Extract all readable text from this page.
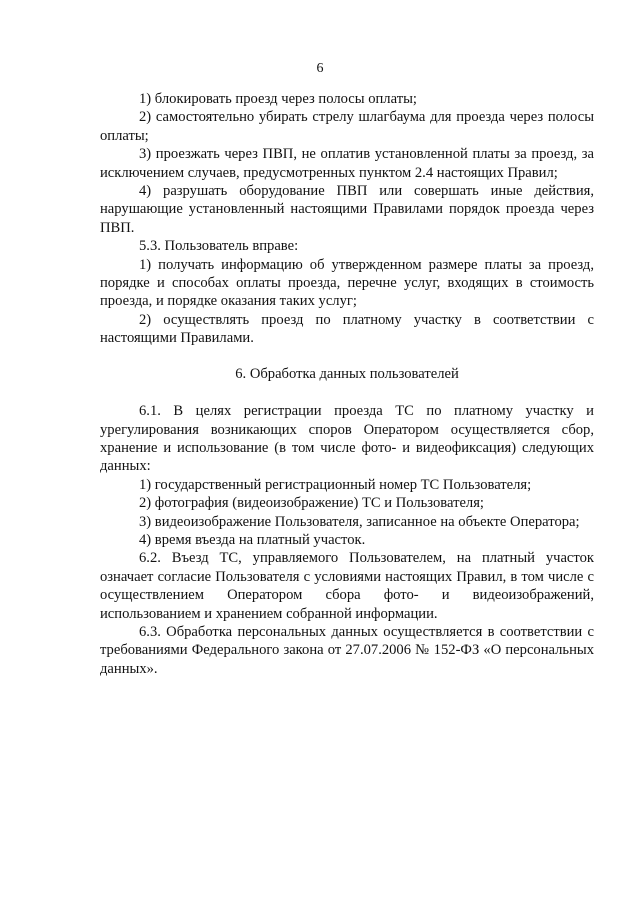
6

1) блокировать проезд через полосы оплаты;

2) самостоятельно убирать стрелу шлагбаума для проезда через полосы оплаты;

3) проезжать через ПВП, не оплатив установленной платы за проезд, за исключением случаев, предусмотренных пунктом 2.4 настоящих Правил;

4) разрушать оборудование ПВП или совершать иные действия, нарушающие установленный настоящими Правилами порядок проезда через ПВП.

5.3. Пользователь вправе:

1) получать информацию об утвержденном размере платы за проезд, порядке и способах оплаты проезда, перечне услуг, входящих в стоимость проезда, и порядке оказания таких услуг;

2) осуществлять проезд по платному участку в соответствии с настоящими Правилами.

6. Обработка данных пользователей

6.1. В целях регистрации проезда ТС по платному участку и урегулирования возникающих споров Оператором осуществляется сбор, хранение и использование (в том числе фото- и видеофиксация) следующих данных:

1) государственный регистрационный номер ТС Пользователя;

2) фотография (видеоизображение) ТС и Пользователя;

3) видеоизображение Пользователя, записанное на объекте Оператора;

4) время въезда на платный участок.

6.2. Въезд ТС, управляемого Пользователем, на платный участок означает согласие Пользователя с условиями настоящих Правил, в том числе с осуществлением Оператором сбора фото- и видеоизображений, использованием и хранением собранной информации.

6.3. Обработка персональных данных осуществляется в соответствии с требованиями Федерального закона от 27.07.2006 № 152-ФЗ «О персональных данных».
